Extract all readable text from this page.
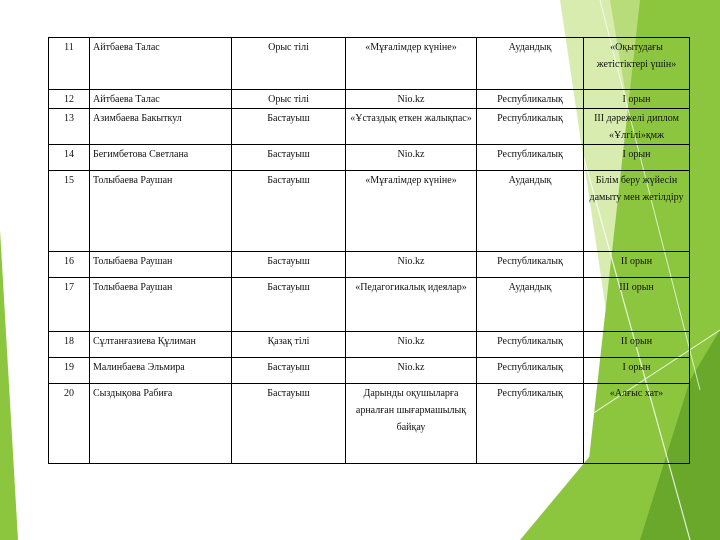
11	Айтбаева Талас	Орыс тілі	«Мұғалімдер күніне»	Аудандық	«Оқытудағы жетістіктері үшін»
12	Айтбаева Талас	Орыс тілі	Nio.kz	Республикалық	І орын
13	Азимбаева Бакыткул	Бастауыш	«Ұстаздық еткен жалықпас»	Республикалық	ІІІ дәрежелі диплом «Ұлгілі»қмж
14	Бегимбетова Светлана	Бастауыш	Nio.kz	Республикалық	І орын
15	Толыбаева Раушан	Бастауыш	«Мұғалімдер күніне»	Аудандық	Білім беру жүйесін дамыту мен жетілдіру
16	Толыбаева Раушан	Бастауыш	Nio.kz	Республикалық	ІІ орын
17	Толыбаева Раушан	Бастауыш	«Педагогикалық идеялар»	Аудандық	ІІІ орын
18	Сұлтанғазиева Құлиман	Қазақ тілі	Nio.kz	Республикалық	ІІ орын
19	Малинбаева Эльмира	Бастауыш	Nio.kz	Республикалық	І орын
20	Сыздықова Рабиға	Бастауыш	Дарынды оқушыларға арналған шығармашылық байқау	Республикалық	«Алғыс хат»
